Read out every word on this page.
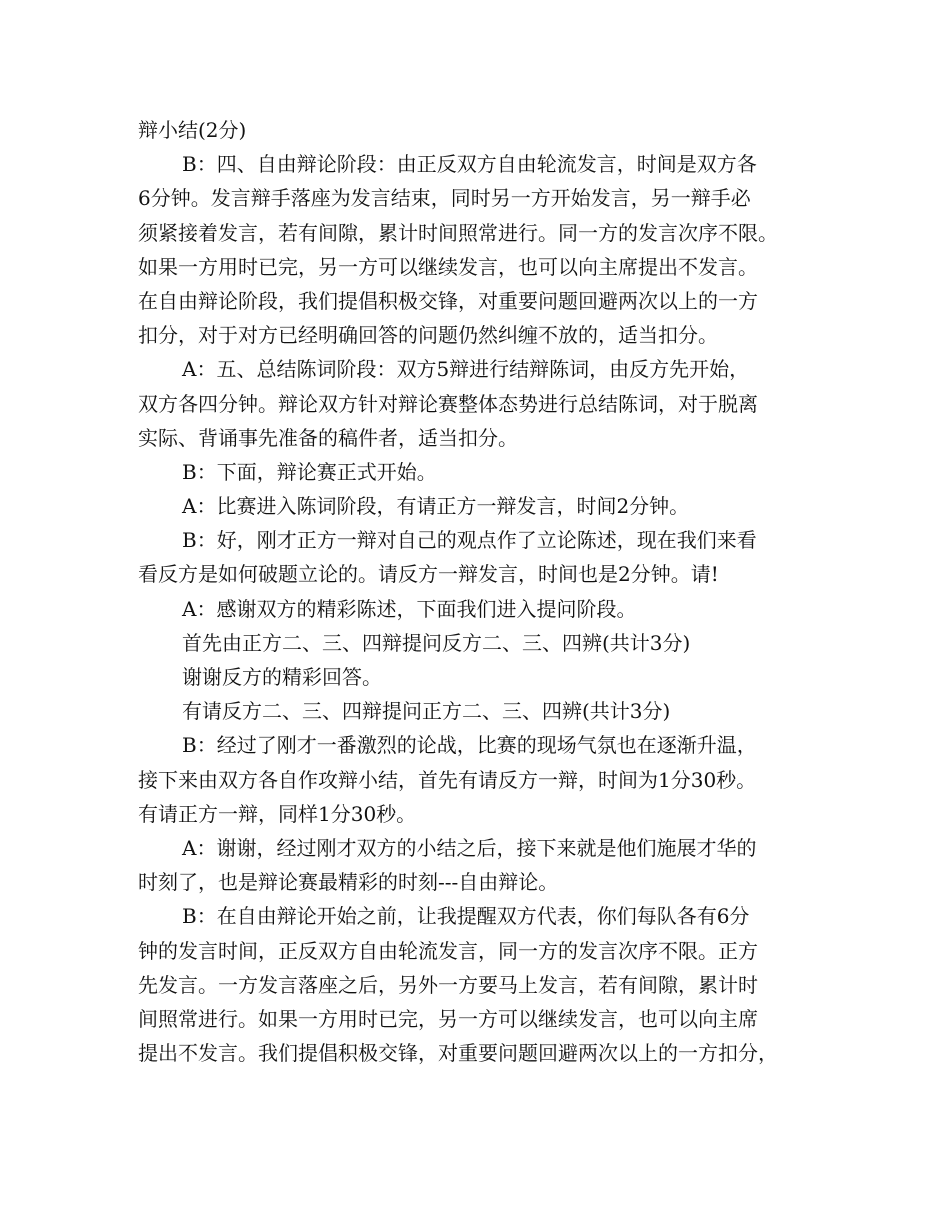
辩小结(2分)
B：四、自由辩论阶段：由正反双方自由轮流发言，时间是双方各
6分钟。发言辩手落座为发言结束，同时另一方开始发言，另一辩手必
须紧接着发言，若有间隙，累计时间照常进行。同一方的发言次序不限。
如果一方用时已完，另一方可以继续发言，也可以向主席提出不发言。
在自由辩论阶段，我们提倡积极交锋，对重要问题回避两次以上的一方
扣分，对于对方已经明确回答的问题仍然纠缠不放的，适当扣分。
A：五、总结陈词阶段：双方5辩进行结辩陈词，由反方先开始，
双方各四分钟。辩论双方针对辩论赛整体态势进行总结陈词，对于脱离
实际、背诵事先准备的稿件者，适当扣分。
B：下面，辩论赛正式开始。
A：比赛进入陈词阶段，有请正方一辩发言，时间2分钟。
B：好，刚才正方一辩对自己的观点作了立论陈述，现在我们来看
看反方是如何破题立论的。请反方一辩发言，时间也是2分钟。请!
A：感谢双方的精彩陈述，下面我们进入提问阶段。
首先由正方二、三、四辩提问反方二、三、四辨(共计3分)
谢谢反方的精彩回答。
有请反方二、三、四辩提问正方二、三、四辨(共计3分)
B：经过了刚才一番激烈的论战，比赛的现场气氛也在逐渐升温，
接下来由双方各自作攻辩小结，首先有请反方一辩，时间为1分30秒。
有请正方一辩，同样1分30秒。
A：谢谢，经过刚才双方的小结之后，接下来就是他们施展才华的
时刻了，也是辩论赛最精彩的时刻---自由辩论。
B：在自由辩论开始之前，让我提醒双方代表，你们每队各有6分
钟的发言时间，正反双方自由轮流发言，同一方的发言次序不限。正方
先发言。一方发言落座之后，另外一方要马上发言，若有间隙，累计时
间照常进行。如果一方用时已完，另一方可以继续发言，也可以向主席
提出不发言。我们提倡积极交锋，对重要问题回避两次以上的一方扣分，
